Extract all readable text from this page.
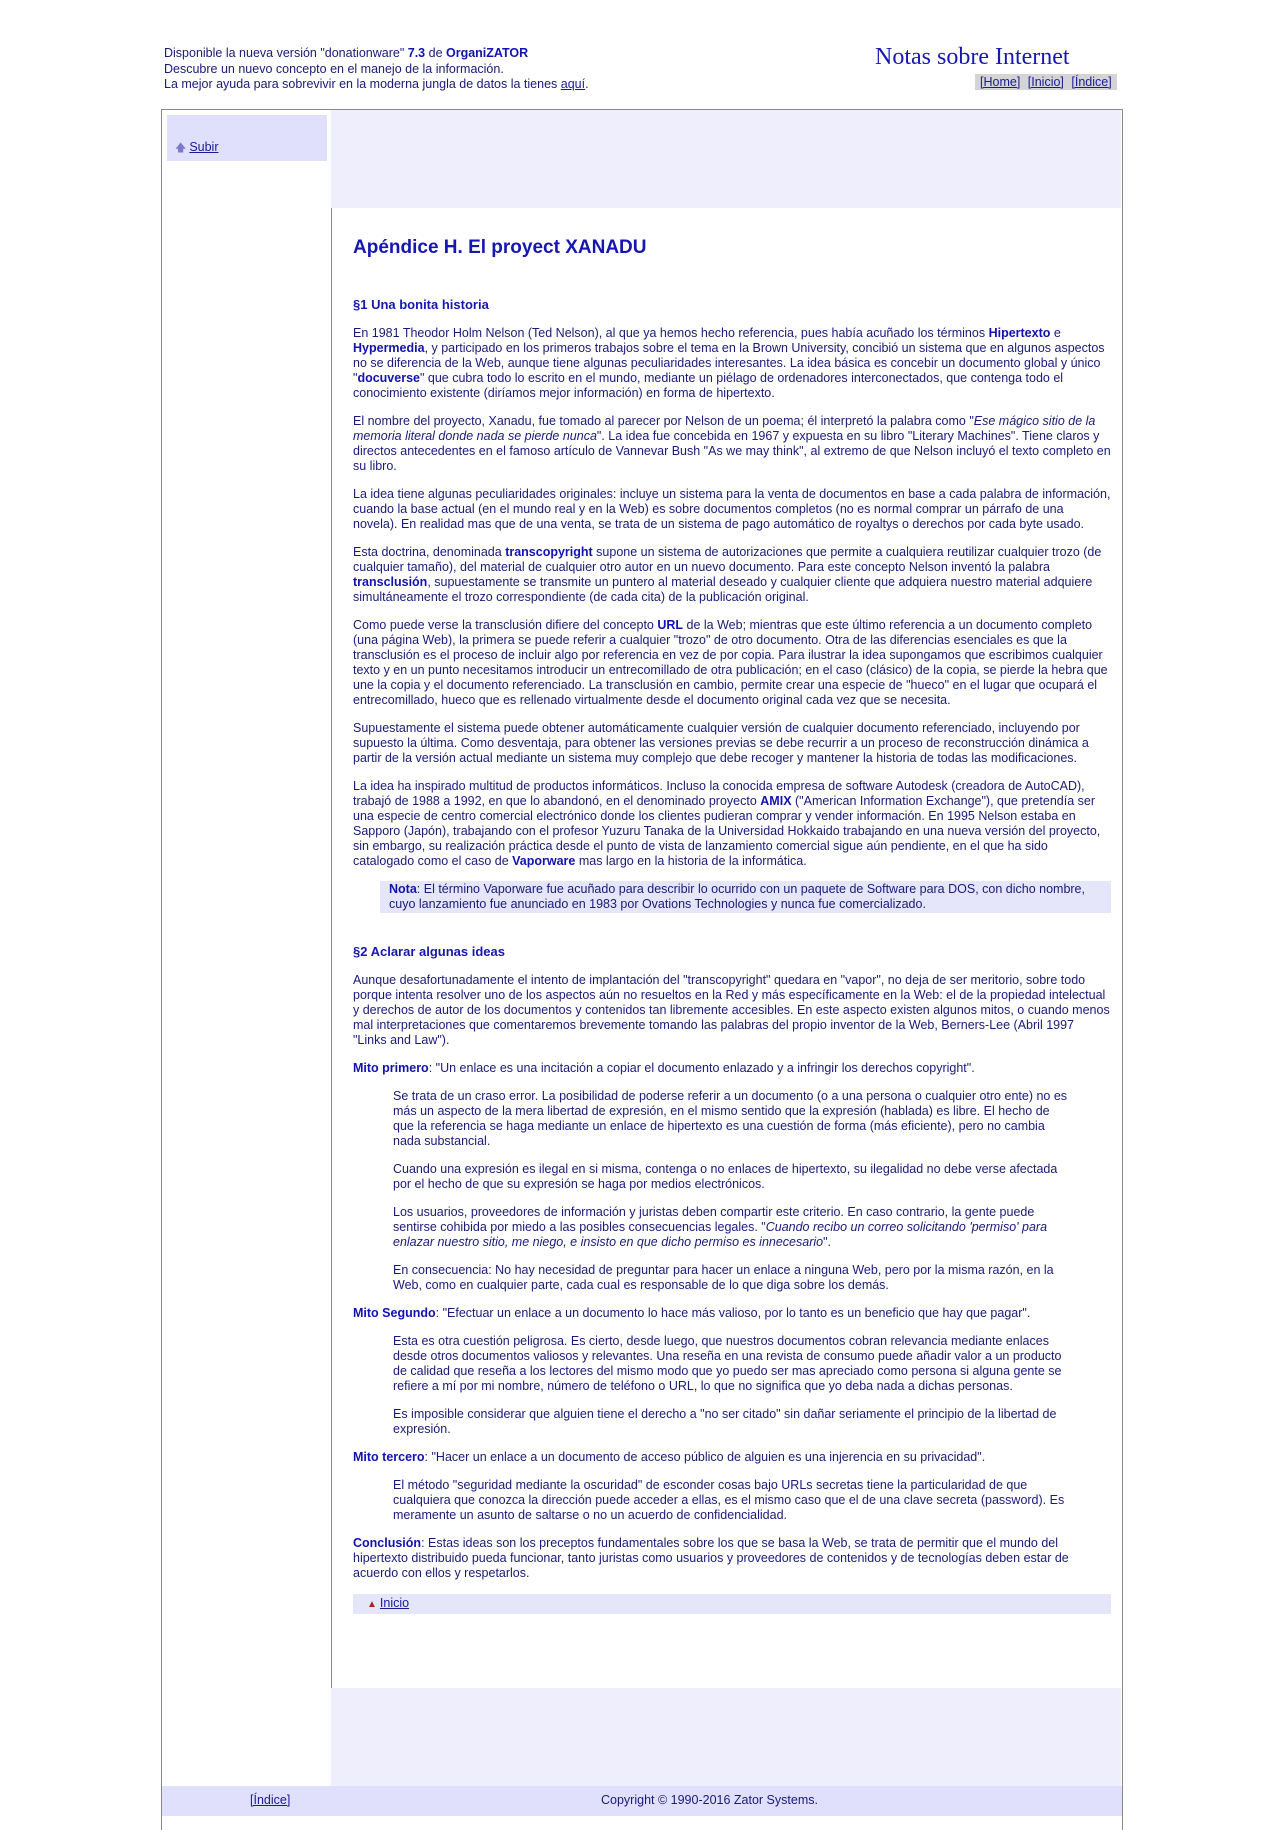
Disponible la nueva versión "donationware" 7.3 de OrganiZATOR
Descubre un nuevo concepto en el manejo de la información.
La mejor ayuda para sobrevivir en la moderna jungla de datos la tienes aquí.
Notas sobre Internet
[Home] [Inicio] [Índice]
🡅 Subir
[Índice]	Copyright © 1990-2016 Zator Systems.
Apéndice H. El proyect XANADU
§1 Una bonita historia

En 1981 Theodor Holm Nelson (Ted Nelson), al que ya hemos hecho referencia, pues había acuñado los términos Hipertexto e Hypermedia, y participado en los primeros trabajos sobre el tema en la Brown University, concibió un sistema que en algunos aspectos no se diferencia de la Web, aunque tiene algunas peculiaridades interesantes. La idea básica es concebir un documento global y único "docuverse" que cubra todo lo escrito en el mundo, mediante un piélago de ordenadores interconectados, que contenga todo el conocimiento existente (diríamos mejor información) en forma de hipertexto.

El nombre del proyecto, Xanadu, fue tomado al parecer por Nelson de un poema; él interpretó la palabra como "Ese mágico sitio de la memoria literal donde nada se pierde nunca". La idea fue concebida en 1967 y expuesta en su libro "Literary Machines". Tiene claros y directos antecedentes en el famoso artículo de Vannevar Bush "As we may think", al extremo de que Nelson incluyó el texto completo en su libro.

La idea tiene algunas peculiaridades originales: incluye un sistema para la venta de documentos en base a cada palabra de información, cuando la base actual (en el mundo real y en la Web) es sobre documentos completos (no es normal comprar un párrafo de una novela). En realidad mas que de una venta, se trata de un sistema de pago automático de royaltys o derechos por cada byte usado.

Esta doctrina, denominada transcopyright supone un sistema de autorizaciones que permite a cualquiera reutilizar cualquier trozo (de cualquier tamaño), del material de cualquier otro autor en un nuevo documento. Para este concepto Nelson inventó la palabra transclusión, supuestamente se transmite un puntero al material deseado y cualquier cliente que adquiera nuestro material adquiere simultáneamente el trozo correspondiente (de cada cita) de la publicación original.

Como puede verse la transclusión difiere del concepto URL de la Web; mientras que este último referencia a un documento completo (una página Web), la primera se puede referir a cualquier "trozo" de otro documento. Otra de las diferencias esenciales es que la transclusión es el proceso de incluir algo por referencia en vez de por copia. Para ilustrar la idea supongamos que escribimos cualquier texto y en un punto necesitamos introducir un entrecomillado de otra publicación; en el caso (clásico) de la copia, se pierde la hebra que une la copia y el documento referenciado. La transclusión en cambio, permite crear una especie de "hueco" en el lugar que ocupará el entrecomillado, hueco que es rellenado virtualmente desde el documento original cada vez que se necesita.

Supuestamente el sistema puede obtener automáticamente cualquier versión de cualquier documento referenciado, incluyendo por supuesto la última. Como desventaja, para obtener las versiones previas se debe recurrir a un proceso de reconstrucción dinámica a partir de la versión actual mediante un sistema muy complejo que debe recoger y mantener la historia de todas las modificaciones.

La idea ha inspirado multitud de productos informáticos. Incluso la conocida empresa de software Autodesk (creadora de AutoCAD), trabajó de 1988 a 1992, en que lo abandonó, en el denominado proyecto AMIX ("American Information Exchange"), que pretendía ser una especie de centro comercial electrónico donde los clientes pudieran comprar y vender información. En 1995 Nelson estaba en Sapporo (Japón), trabajando con el profesor Yuzuru Tanaka de la Universidad Hokkaido trabajando en una nueva versión del proyecto, sin embargo, su realización práctica desde el punto de vista de lanzamiento comercial sigue aún pendiente, en el que ha sido catalogado como el caso de Vaporware mas largo en la historia de la informática.

Nota: El término Vaporware fue acuñado para describir lo ocurrido con un paquete de Software para DOS, con dicho nombre, cuyo lanzamiento fue anunciado en 1983 por Ovations Technologies y nunca fue comercializado.
§2 Aclarar algunas ideas

Aunque desafortunadamente el intento de implantación del "transcopyright" quedara en "vapor", no deja de ser meritorio, sobre todo porque intenta resolver uno de los aspectos aún no resueltos en la Red y más específicamente en la Web: el de la propiedad intelectual y derechos de autor de los documentos y contenidos tan libremente accesibles. En este aspecto existen algunos mitos, o cuando menos mal interpretaciones que comentaremos brevemente tomando las palabras del propio inventor de la Web, Berners-Lee (Abril 1997 "Links and Law").

Mito primero: "Un enlace es una incitación a copiar el documento enlazado y a infringir los derechos copyright".

Se trata de un craso error. La posibilidad de poderse referir a un documento (o a una persona o cualquier otro ente) no es más un aspecto de la mera libertad de expresión, en el mismo sentido que la expresión (hablada) es libre. El hecho de que la referencia se haga mediante un enlace de hipertexto es una cuestión de forma (más eficiente), pero no cambia nada substancial.

Cuando una expresión es ilegal en si misma, contenga o no enlaces de hipertexto, su ilegalidad no debe verse afectada por el hecho de que su expresión se haga por medios electrónicos.

Los usuarios, proveedores de información y juristas deben compartir este criterio. En caso contrario, la gente puede sentirse cohibida por miedo a las posibles consecuencias legales. "Cuando recibo un correo solicitando 'permiso' para enlazar nuestro sitio, me niego, e insisto en que dicho permiso es innecesario".

En consecuencia: No hay necesidad de preguntar para hacer un enlace a ninguna Web, pero por la misma razón, en la Web, como en cualquier parte, cada cual es responsable de lo que diga sobre los demás.

Mito Segundo: "Efectuar un enlace a un documento lo hace más valioso, por lo tanto es un beneficio que hay que pagar".

Esta es otra cuestión peligrosa. Es cierto, desde luego, que nuestros documentos cobran relevancia mediante enlaces desde otros documentos valiosos y relevantes. Una reseña en una revista de consumo puede añadir valor a un producto de calidad que reseña a los lectores del mismo modo que yo puedo ser mas apreciado como persona si alguna gente se refiere a mí por mi nombre, número de teléfono o URL, lo que no significa que yo deba nada a dichas personas.

Es imposible considerar que alguien tiene el derecho a "no ser citado" sin dañar seriamente el principio de la libertad de expresión.

Mito tercero: "Hacer un enlace a un documento de acceso público de alguien es una injerencia en su privacidad".

El método "seguridad mediante la oscuridad" de esconder cosas bajo URLs secretas tiene la particularidad de que cualquiera que conozca la dirección puede acceder a ellas, es el mismo caso que el de una clave secreta (password). Es meramente un asunto de saltarse o no un acuerdo de confidencialidad.

Conclusión: Estas ideas son los preceptos fundamentales sobre los que se basa la Web, se trata de permitir que el mundo del hipertexto distribuido pueda funcionar, tanto juristas como usuarios y proveedores de contenidos y de tecnologías deben estar de acuerdo con ellos y respetarlos.

▲ Inicio
